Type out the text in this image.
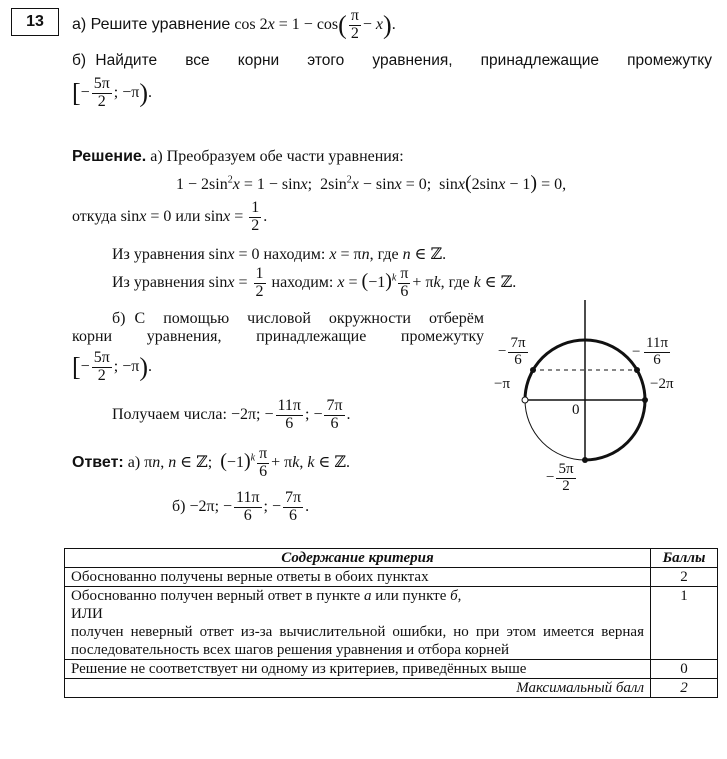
13	а) Решите уравнение $\cos 2x = 1 - \cos( \frac{\pi}{2} - x)$.
б) Найдите   все   корни   этого   уравнения,   принадлежащие   промежутку
[− $\frac{5\pi}{2}$ ; −π).
Решение. а) Преобразуем обе части уравнения:
$1 - 2\sin^2x = 1 - \sin x$;  $2\sin^2x - \sin x = 0$;  sinx(2sinx − 1) = 0,
откуда sinx = 0 или $\sin x = \frac{1}{2}$ .
Из уравнения sinx = 0 находим: x = πn, где n ∈ ℤ.
Из уравнения $\sin x = \frac{1}{2}$ находим: $x = (-1)^k \frac{\pi}{6} + \pi k$, где k ∈ ℤ.
б) С  помощью  числовой  окружности  отберём
корни  уравнения,  принадлежащие  промежутку
[− $\frac{5\pi}{2}$ ; −π).
Получаем числа: −2π; − $\frac{11\pi}{6}$ ; − $\frac{7\pi}{6}$ .
Ответ: а) πn, n ∈ ℤ;  $(-1)^k \frac{\pi}{6} + \pi k$, k ∈ ℤ.
б) −2π; − $\frac{11\pi}{6}$ ; − $\frac{7\pi}{6}$ .
− $\frac{7\pi}{6}$	$\frac{11\pi}{6}$
−
−π	−2π
0
− $\frac{5\pi}{2}$
Содержание критерия	Баллы
Обоснованно получены верные ответы в обоих пунктах	2

Обоснованно получен верный ответ в пункте а или пункте б,
ИЛИ
получен неверный ответ из-за вычислительной ошибки, но при этом имеется верная последовательность всех шагов решения уравнения и отбора корней	1
Решение не соответствует ни одному из критериев, приведённых выше	0
Максимальный балл	2
